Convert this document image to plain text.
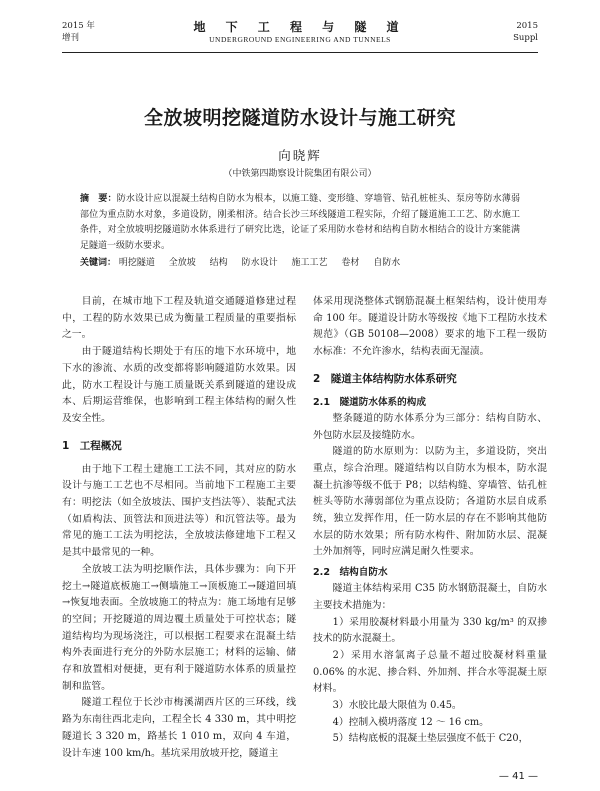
2015 年
增刊
地 下 工 程 与 隧 道
UNDERGROUND ENGINEERING AND TUNNELS
2015
Suppl
全放坡明挖隧道防水设计与施工研究
向晓辉
（中铁第四勘察设计院集团有限公司）
摘　要：防水设计应以混凝土结构自防水为根本，以施工缝、变形缝、穿墙管、钻孔桩桩头、泵房等防水薄弱部位为重点防水对象，多道设防，刚柔相济。结合长沙三环线隧道工程实际，介绍了隧道施工工艺、防水施工条件，对全放坡明挖隧道防水体系进行了研究比选，论证了采用防水卷材和结构自防水相结合的设计方案能满足隧道一级防水要求。
关键词： 明挖隧道 全放坡 结构 防水设计 施工工艺 卷材 自防水

目前，在城市地下工程及轨道交通隧道修建过程中，工程的防水效果已成为衡量工程质量的重要指标之一。

由于隧道结构长期处于有压的地下水环境中，地下水的渗流、水质的改变都将影响隧道防水效果。因此，防水工程设计与施工质量既关系到隧道的建设成本、后期运营维保，也影响到工程主体结构的耐久性及安全性。

1　工程概况

由于地下工程土建施工工法不同，其对应的防水设计与施工工艺也不尽相同。当前地下工程施工主要有：明挖法（如全放坡法、围护支挡法等）、装配式法（如盾构法、顶管法和顶进法等）和沉管法等。最为常见的施工工法为明挖法，全放坡法修建地下工程又是其中最常见的一种。

全放坡工法为明挖顺作法，具体步骤为：向下开挖土→隧道底板施工→侧墙施工→顶板施工→隧道回填→恢复地表面。全放坡施工的特点为：施工场地有足够的空间；开挖隧道的周边覆土质量处于可控状态；隧道结构均为现场浇注，可以根据工程要求在混凝土结构外表面进行充分的外防水层施工；材料的运输、储存和放置相对便捷，更有利于隧道防水体系的质量控制和监管。

隧道工程位于长沙市梅溪湖西片区的三环线，线路为东南往西北走向，工程全长 4 330 m，其中明挖隧道长 3 320 m，路基长 1 010 m，双向 4 车道，设计车速 100 km/h。基坑采用放坡开挖，隧道主

体采用现浇整体式钢筋混凝土框架结构，设计使用寿命 100 年。隧道设计防水等级按《地下工程防水技术规范》（GB 50108—2008）要求的地下工程一级防水标准：不允许渗水，结构表面无湿渍。

2　隧道主体结构防水体系研究
2.1　隧道防水体系的构成

整条隧道的防水体系分为三部分：结构自防水、外包防水层及接缝防水。

隧道的防水原则为：以防为主，多道设防，突出重点，综合治理。隧道结构以自防水为根本，防水混凝土抗渗等级不低于 P8；以结构缝、穿墙管、钻孔桩桩头等防水薄弱部位为重点设防；各道防水层自成系统，独立发挥作用，任一防水层的存在不影响其他防水层的防水效果；所有防水构件、附加防水层、混凝土外加剂等，同时应满足耐久性要求。

2.2　结构自防水

隧道主体结构采用 C35 防水钢筋混凝土，自防水主要技术措施为：

1）采用胶凝材料最小用量为 330 kg/m³ 的双掺技术的防水混凝土。

2）采用水溶氯离子总量不超过胶凝材料重量 0.06% 的水泥、掺合料、外加剂、拌合水等混凝土原材料。

3）水胶比最大限值为 0.45。

4）控制入模坍落度 12 ～ 16 cm。

5）结构底板的混凝土垫层强度不低于 C20，

— 41 —
